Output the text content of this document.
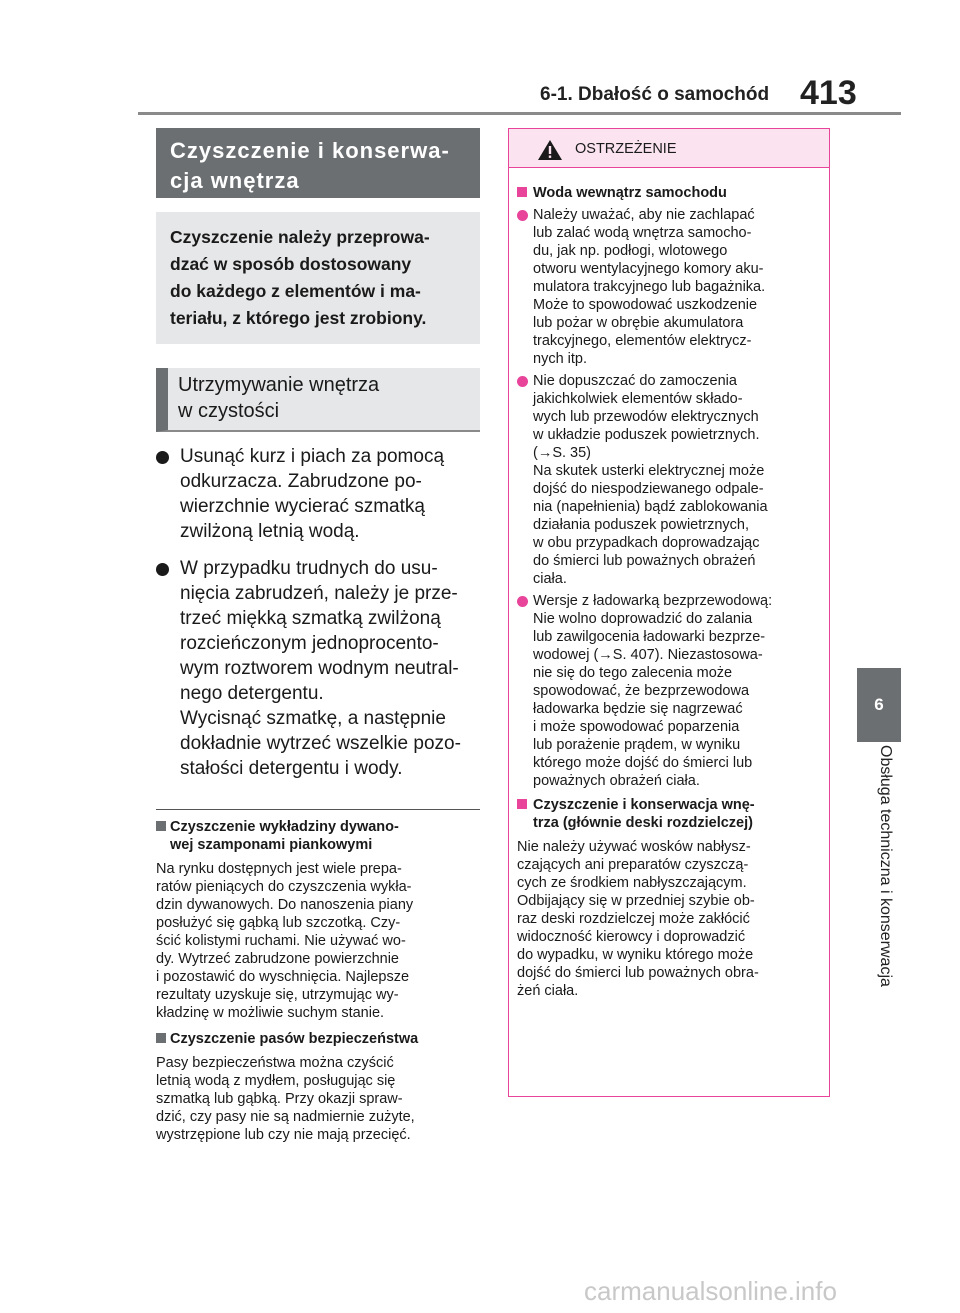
6-1. Dbałość o samochód 413
6
Obsługa techniczna i konserwacja
Czyszczenie i konserwa-
cja wnętrza
Czyszczenie należy przeprowa-
dzać w sposób dostosowany
do każdego z elementów i ma-
teriału, z którego jest zrobiony.
Utrzymywanie wnętrza
w czystości

Usunąć kurz i piach za pomocą

odkurzacza. Zabrudzone po-

wierzchnie wycierać szmatką

zwilżoną letnią wodą.

W przypadku trudnych do usu-

nięcia zabrudzeń, należy je prze-

trzeć miękką szmatką zwilżoną

rozcieńczonym jednoprocento-

wym roztworem wodnym neutral-

nego detergentu.

Wycisnąć szmatkę, a następnie

dokładnie wytrzeć wszelkie pozo-

stałości detergentu i wody.

Czyszczenie wykładziny dywano-
wej szamponami piankowymi
Na rynku dostępnych jest wiele prepa-
ratów pieniących do czyszczenia wykła-
dzin dywanowych. Do nanoszenia piany
posłużyć się gąbką lub szczotką. Czy-
ścić kolistymi ruchami. Nie używać wo-
dy. Wytrzeć zabrudzone powierzchnie
i pozostawić do wyschnięcia. Najlepsze
rezultaty uzyskuje się, utrzymując wy-
kładzinę w możliwie suchym stanie.
Czyszczenie pasów bezpieczeństwa
Pasy bezpieczeństwa można czyścić
letnią wodą z mydłem, posługując się
szmatką lub gąbką. Przy okazji spraw-
dzić, czy pasy nie są nadmiernie zużyte,
wystrzępione lub czy nie mają przecięć.
OSTRZEŻENIE
Woda wewnątrz samochodu

Należy uważać, aby nie zachlapać

lub zalać wodą wnętrza samocho-

du, jak np. podłogi, wlotowego

otworu wentylacyjnego komory aku-

mulatora trakcyjnego lub bagażnika.

Może to spowodować uszkodzenie

lub pożar w obrębie akumulatora

trakcyjnego, elementów elektrycz-

nych itp.

Nie dopuszczać do zamoczenia

jakichkolwiek elementów składo-

wych lub przewodów elektrycznych

w układzie poduszek powietrznych.

(→S. 35)

Na skutek usterki elektrycznej może

dojść do niespodziewanego odpale-

nia (napełnienia) bądź zablokowania

działania poduszek powietrznych,

w obu przypadkach doprowadzając

do śmierci lub poważnych obrażeń

ciała.

Wersje z ładowarką bezprzewodową:

Nie wolno doprowadzić do zalania

lub zawilgocenia ładowarki bezprze-

wodowej (→S. 407). Niezastosowa-

nie się do tego zalecenia może

spowodować, że bezprzewodowa

ładowarka będzie się nagrzewać

i może spowodować poparzenia

lub porażenie prądem, w wyniku

którego może dojść do śmierci lub

poważnych obrażeń ciała.

Czyszczenie i konserwacja wnę-
trza (głównie deski rozdzielczej)

Nie należy używać wosków nabłysz-

czających ani preparatów czyszczą-

cych ze środkiem nabłyszczającym.

Odbijający się w przedniej szybie ob-

raz deski rozdzielczej może zakłócić

widoczność kierowcy i doprowadzić

do wypadku, w wyniku którego może

dojść do śmierci lub poważnych obra-

żeń ciała.

carmanualsonline.info
